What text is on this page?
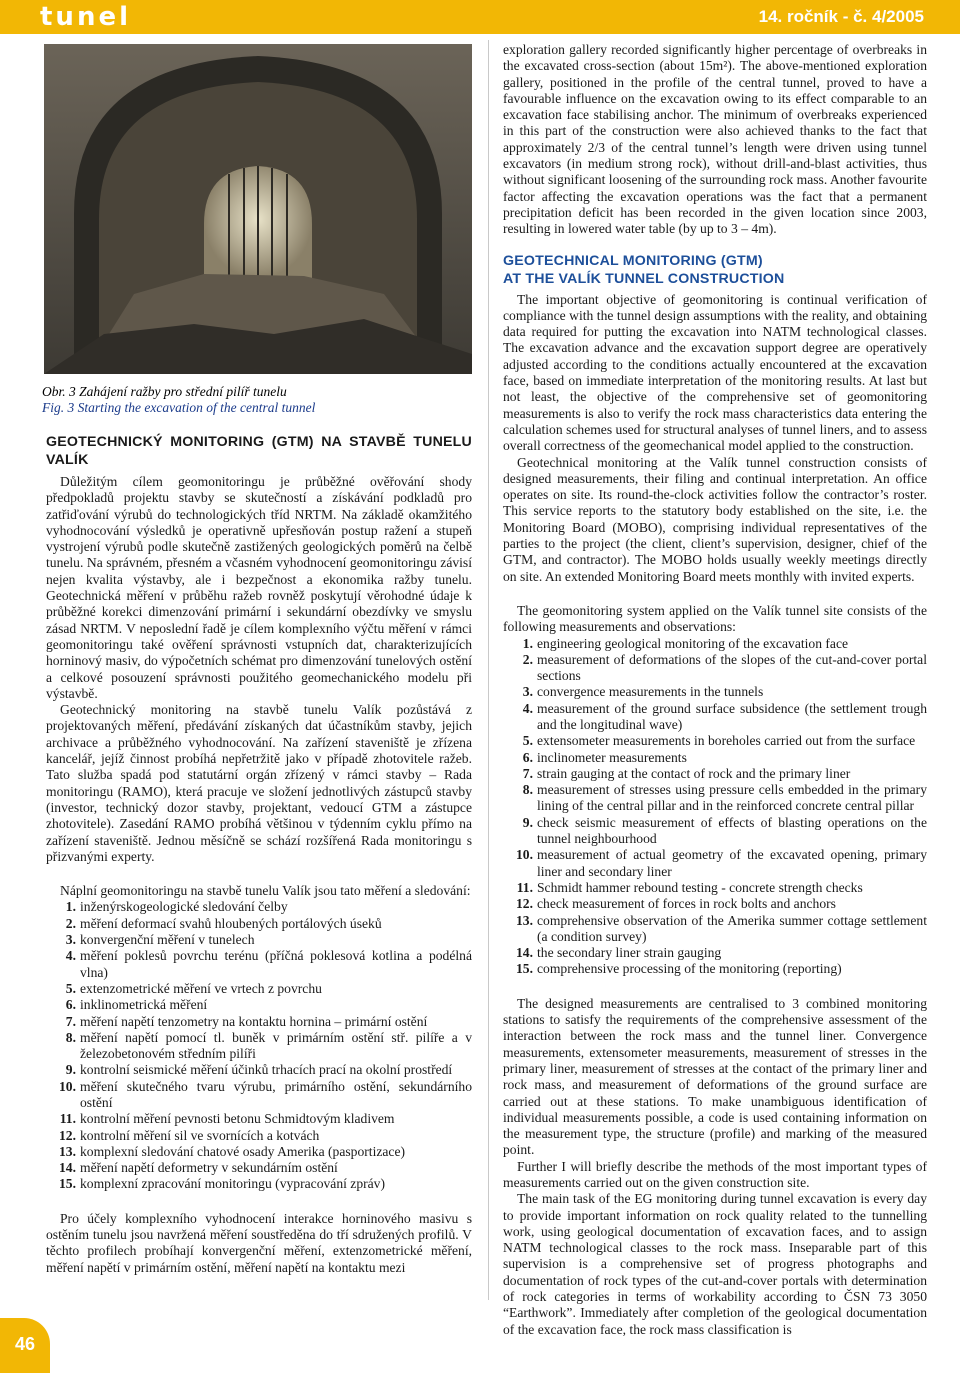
tunel	14. ročník - č. 4/2005
Obr. 3 Zahájení ražby pro střední pilíř tunelu
Fig. 3 Starting the excavation of the central tunnel

GEOTECHNICKÝ MONITORING (GTM) NA STAVBĚ TUNELU VALÍK

Důležitým cílem geomonitoringu je průběžné ověřování shody předpokladů projektu stavby se skutečností a získávání podkladů pro zatřiďování výrubů do technologických tříd NRTM. Na základě okamžitého vyhodnocování výsledků je operativně upřesňován postup ražení a stupeň vystrojení výrubů podle skutečně zastižených geologických poměrů na čelbě tunelu. Na správném, přesném a včasném vyhodnocení geomonitoringu závisí nejen kvalita výstavby, ale i bezpečnost a ekonomika ražby tunelu. Geotechnická měření v průběhu ražeb rovněž poskytují věrohodné údaje k průběžné korekci dimenzování primární i sekundární obezdívky ve smyslu zásad NRTM. V neposlední řadě je cílem komplexního výčtu měření v rámci geomonitoringu také ověření správnosti vstupních dat, charakterizujících horninový masiv, do výpočetních schémat pro dimenzování tunelových ostění a celkové posouzení správnosti použitého geomechanického modelu při výstavbě.

Geotechnický monitoring na stavbě tunelu Valík pozůstává z projektovaných měření, předávání získaných dat účastníkům stavby, jejich archivace a průběžného vyhodnocování. Na zařízení staveniště je zřízena kancelář, jejíž činnost probíhá nepřetržitě jako v případě zhotovitele ražeb. Tato služba spadá pod statutární orgán zřízený v rámci stavby – Rada monitoringu (RAMO), která pracuje ve složení jednotlivých zástupců stavby (investor, technický dozor stavby, projektant, vedoucí GTM a zástupce zhotovitele). Zasedání RAMO probíhá většinou v týdenním cyklu přímo na zařízení staveniště. Jednou měsíčně se schází rozšířená Rada monitoringu s přizvanými experty.

Náplní geomonitoringu na stavbě tunelu Valík jsou tato měření a sledování:

1. inženýrskogeologické sledování čelby
2. měření deformací svahů hloubených portálových úseků
3. konvergenční měření v tunelech
4. měření poklesů povrchu terénu (příčná poklesová kotlina a podélná vlna)
5. extenzometrické měření ve vrtech z povrchu
6. inklinometrická měření
7. měření napětí tenzometry na kontaktu hornina – primární ostění
8. měření napětí pomocí tl. buněk v primárním ostění stř. pilíře a v železobetonovém středním pilíři
9. kontrolní seismické měření účinků trhacích prací na okolní prostředí
10. měření skutečného tvaru výrubu, primárního ostění, sekundárního ostění
11. kontrolní měření pevnosti betonu Schmidtovým kladivem
12. kontrolní měření sil ve svornících a kotvách
13. komplexní sledování chatové osady Amerika (pasportizace)
14. měření napětí deformetry v sekundárním ostění
15. komplexní zpracování monitoringu (vypracování zpráv)

Pro účely komplexního vyhodnocení interakce horninového masivu s ostěním tunelu jsou navržená měření soustředěna do tří sdružených profilů. V těchto profilech probíhají konvergenční měření, extenzometrické měření, měření napětí v primárním ostění, měření napětí na kontaktu mezi

exploration gallery recorded significantly higher percentage of overbreaks in the excavated cross-section (about 15m²). The above-mentioned exploration gallery, positioned in the profile of the central tunnel, proved to have a favourable influence on the excavation owing to its effect comparable to an excavation face stabilising anchor. The minimum of overbreaks experienced in this part of the construction were also achieved thanks to the fact that approximately 2/3 of the central tunnel’s length were driven using tunnel excavators (in medium strong rock), without drill-and-blast activities, thus without significant loosening of the surrounding rock mass. Another favourite factor affecting the excavation operations was the fact that a permanent precipitation deficit has been recorded in the given location since 2003, resulting in lowered water table (by up to 3 – 4m).

GEOTECHNICAL MONITORING (GTM)
AT THE VALÍK TUNNEL CONSTRUCTION

The important objective of geomonitoring is continual verification of compliance with the tunnel design assumptions with the reality, and obtaining data required for putting the excavation into NATM technological classes. The excavation advance and the excavation support degree are operatively adjusted according to the conditions actually encountered at the excavation face, based on immediate interpretation of the monitoring results. At last but not least, the objective of the comprehensive set of geomonitoring measurements is also to verify the rock mass characteristics data entering the calculation schemes used for structural analyses of tunnel liners, and to assess overall correctness of the geomechanical model applied to the construction.

Geotechnical monitoring at the Valík tunnel construction consists of designed measurements, their filing and continual interpretation. An office operates on site. Its round-the-clock activities follow the contractor’s roster. This service reports to the statutory body established on the site, i.e. the Monitoring Board (MOBO), comprising individual representatives of the parties to the project (the client, client’s supervision, designer, chief of the GTM, and contractor). The MOBO holds usually weekly meetings directly on site. An extended Monitoring Board meets monthly with invited experts.

The geomonitoring system applied on the Valík tunnel site consists of the following measurements and observations:

1. engineering geological monitoring of the excavation face
2. measurement of deformations of the slopes of the cut-and-cover portal sections
3. convergence measurements in the tunnels
4. measurement of the ground surface subsidence (the settlement trough and the longitudinal wave)
5. extensometer measurements in boreholes carried out from the surface
6. inclinometer measurements
7. strain gauging at the contact of rock and the primary liner
8. measurement of stresses using pressure cells embedded in the primary lining of the central pillar and in the reinforced concrete central pillar
9. check seismic measurement of effects of blasting operations on the tunnel neighbourhood
10. measurement of actual geometry of the excavated opening, primary liner and secondary liner
11. Schmidt hammer rebound testing - concrete strength checks
12. check measurement of forces in rock bolts and anchors
13. comprehensive observation of the Amerika summer cottage settlement (a condition survey)
14. the secondary liner strain gauging
15. comprehensive processing of the monitoring (reporting)

The designed measurements are centralised to 3 combined monitoring stations to satisfy the requirements of the comprehensive assessment of the interaction between the rock mass and the tunnel liner. Convergence measurements, extensometer measurements, measurement of stresses in the primary liner, measurement of stresses at the contact of the primary liner and rock mass, and measurement of deformations of the ground surface are carried out at these stations. To make unambiguous identification of individual measurements possible, a code is used containing information on the measurement type, the structure (profile) and marking of the measured point.

Further I will briefly describe the methods of the most important types of measurements carried out on the given construction site.

The main task of the EG monitoring during tunnel excavation is every day to provide important information on rock quality related to the tunnelling work, using geological documentation of excavation faces, and to assign NATM technological classes to the rock mass. Inseparable part of this supervision is a comprehensive set of progress photographs and documentation of rock types of the cut-and-cover portals with determination of rock categories in terms of workability according to ČSN 73 3050 “Earthwork”. Immediately after completion of the geological documentation of the excavation face, the rock mass classification is

46
